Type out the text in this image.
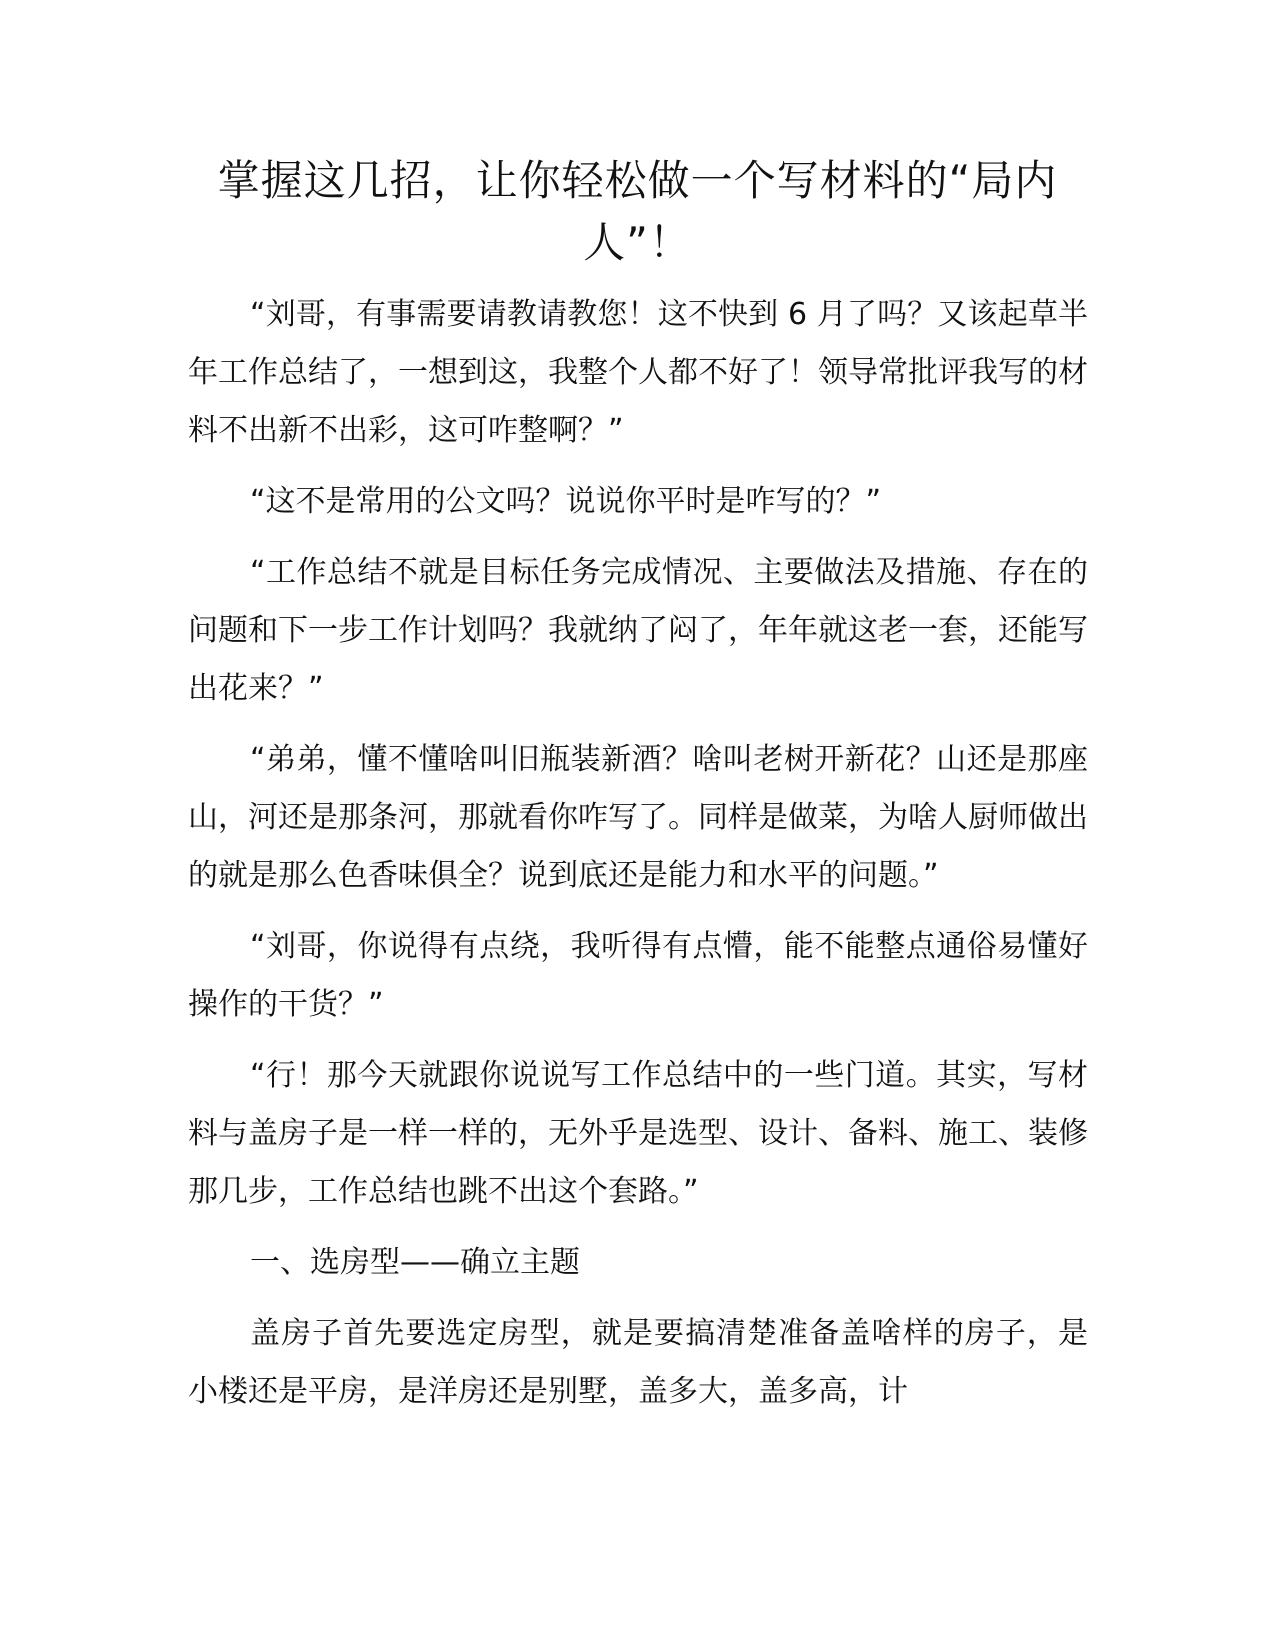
掌握这几招，让你轻松做一个写材料的“局内人”！

“刘哥，有事需要请教请教您！这不快到 6 月了吗？又该起草半年工作总结了，一想到这，我整个人都不好了！领导常批评我写的材料不出新不出彩，这可咋整啊？”

“这不是常用的公文吗？说说你平时是咋写的？”

“工作总结不就是目标任务完成情况、主要做法及措施、存在的问题和下一步工作计划吗？我就纳了闷了，年年就这老一套，还能写出花来？”

“弟弟，懂不懂啥叫旧瓶装新酒？啥叫老树开新花？山还是那座山，河还是那条河，那就看你咋写了。同样是做菜，为啥人厨师做出的就是那么色香味俱全？说到底还是能力和水平的问题。”

“刘哥，你说得有点绕，我听得有点懵，能不能整点通俗易懂好操作的干货？”

“行！那今天就跟你说说写工作总结中的一些门道。其实，写材料与盖房子是一样一样的，无外乎是选型、设计、备料、施工、装修那几步，工作总结也跳不出这个套路。”

一、选房型——确立主题

盖房子首先要选定房型，就是要搞清楚准备盖啥样的房子，是小楼还是平房，是洋房还是别墅，盖多大，盖多高，计
